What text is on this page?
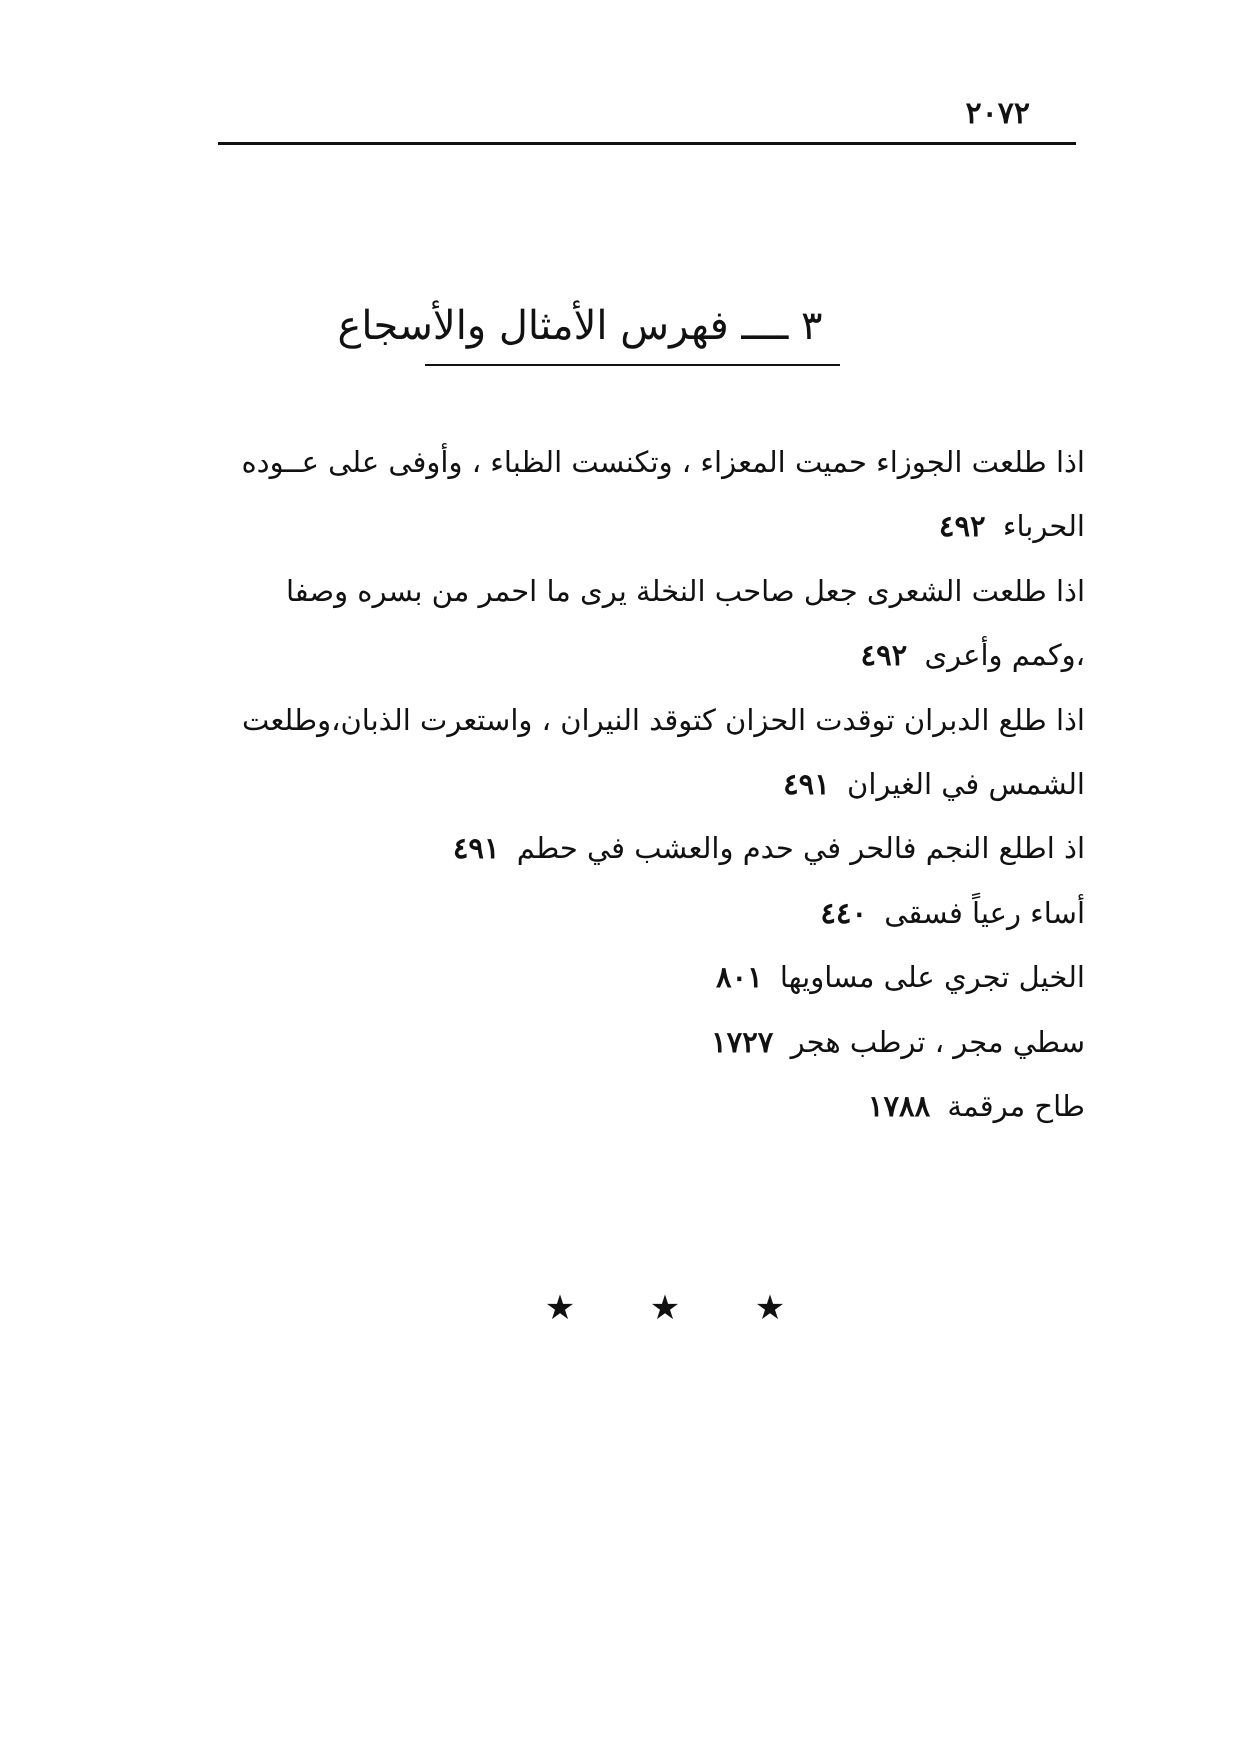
٢٠٧٢
٣ ــــ فهرس الأمثال والأسجاع
اذا طلعت الجوزاء حميت المعزاء ، وتكنست الظباء ، وأوفى على عــوده الحرباء ٤٩٢
اذا طلعت الشعرى جعل صاحب النخلة يرى ما احمر من بسره وصفا ،وكمم وأعرى ٤٩٢
اذا طلع الدبران توقدت الحزان كتوقد النيران ، واستعرت الذبان،وطلعت الشمس في الغيران ٤٩١
اذ اطلع النجم فالحر في حدم والعشب في حطم ٤٩١
أساء رعياً فسقى ٤٤٠
الخيل تجري على مساويها ٨٠١
سطي مجر ، ترطب هجر ١٧٢٧
طاح مرقمة ١٧٨٨
★ ★ ★
